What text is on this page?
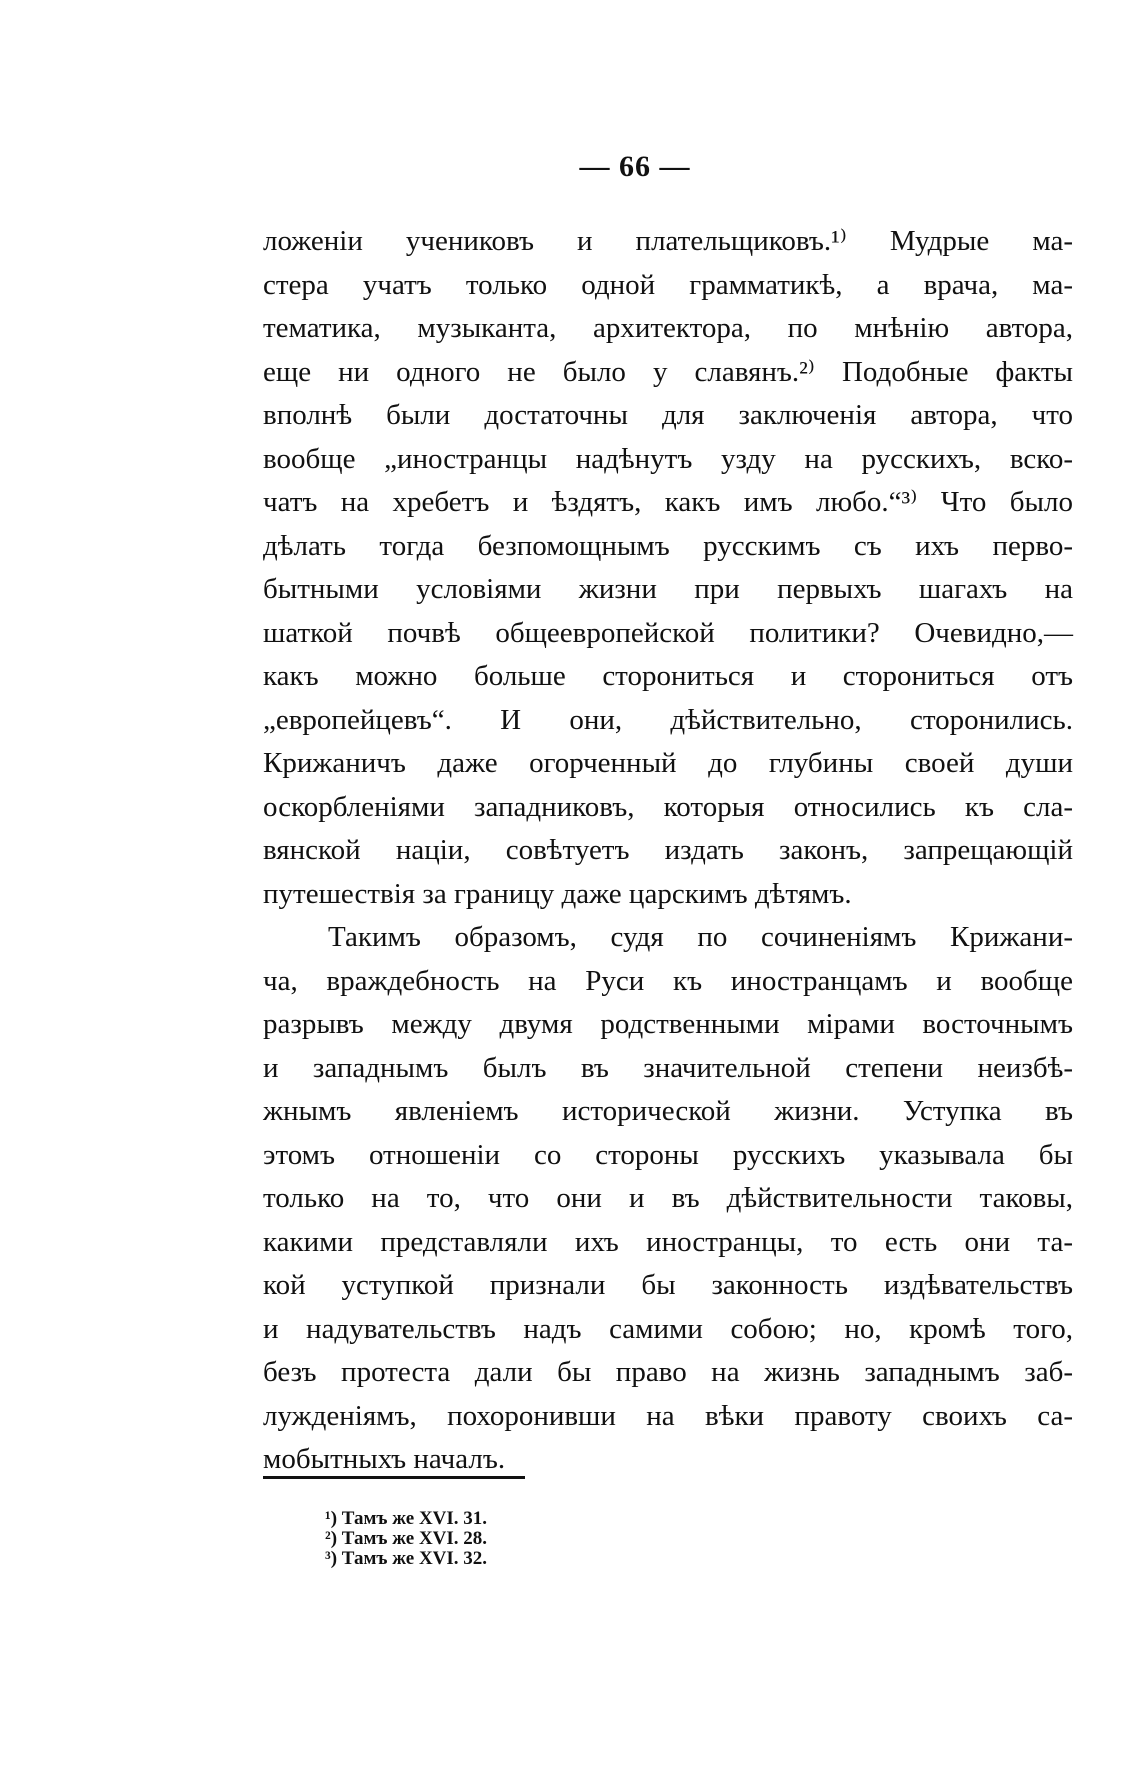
— 66 —
ложеніи учениковъ и плательщиковъ.¹⁾ Мудрые ма-
стера учатъ только одной грамматикѣ, а врача, ма-
тематика, музыканта, архитектора, по мнѣнію автора,
еще ни одного не было у славянъ.²⁾ Подобные факты
вполнѣ были достаточны для заключенія автора, что
вообще „иностранцы надѣнутъ узду на русскихъ, вско-
чатъ на хребетъ и ѣздятъ, какъ имъ любо.“³⁾ Что было
дѣлать тогда безпомощнымъ русскимъ съ ихъ перво-
бытными условіями жизни при первыхъ шагахъ на
шаткой почвѣ общеевропейской политики? Очевидно,—
какъ можно больше сторониться и сторониться отъ
„европейцевъ“. И они, дѣйствительно, сторонились.
Крижаничъ даже огорченный до глубины своей души
оскорбленіями западниковъ, которыя относились къ сла-
вянской націи, совѣтуетъ издать законъ, запрещающій
путешествія за границу даже царскимъ дѣтямъ.
Такимъ образомъ, судя по сочиненіямъ Крижани-
ча, враждебность на Руси къ иностранцамъ и вообще
разрывъ между двумя родственными мірами восточнымъ
и западнымъ былъ въ значительной степени неизбѣ-
жнымъ явленіемъ исторической жизни. Уступка въ
этомъ отношеніи со стороны русскихъ указывала бы
только на то, что они и въ дѣйствительности таковы,
какими представляли ихъ иностранцы, то есть они та-
кой уступкой признали бы законность издѣвательствъ
и надувательствъ надъ самими собою; но, кромѣ того,
безъ протеста дали бы право на жизнь западнымъ заб-
лужденіямъ, похоронивши на вѣки правоту своихъ са-
мобытныхъ началъ.
¹) Тамъ же XVI. 31.
²) Тамъ же XVI. 28.
³) Тамъ же XVI. 32.
